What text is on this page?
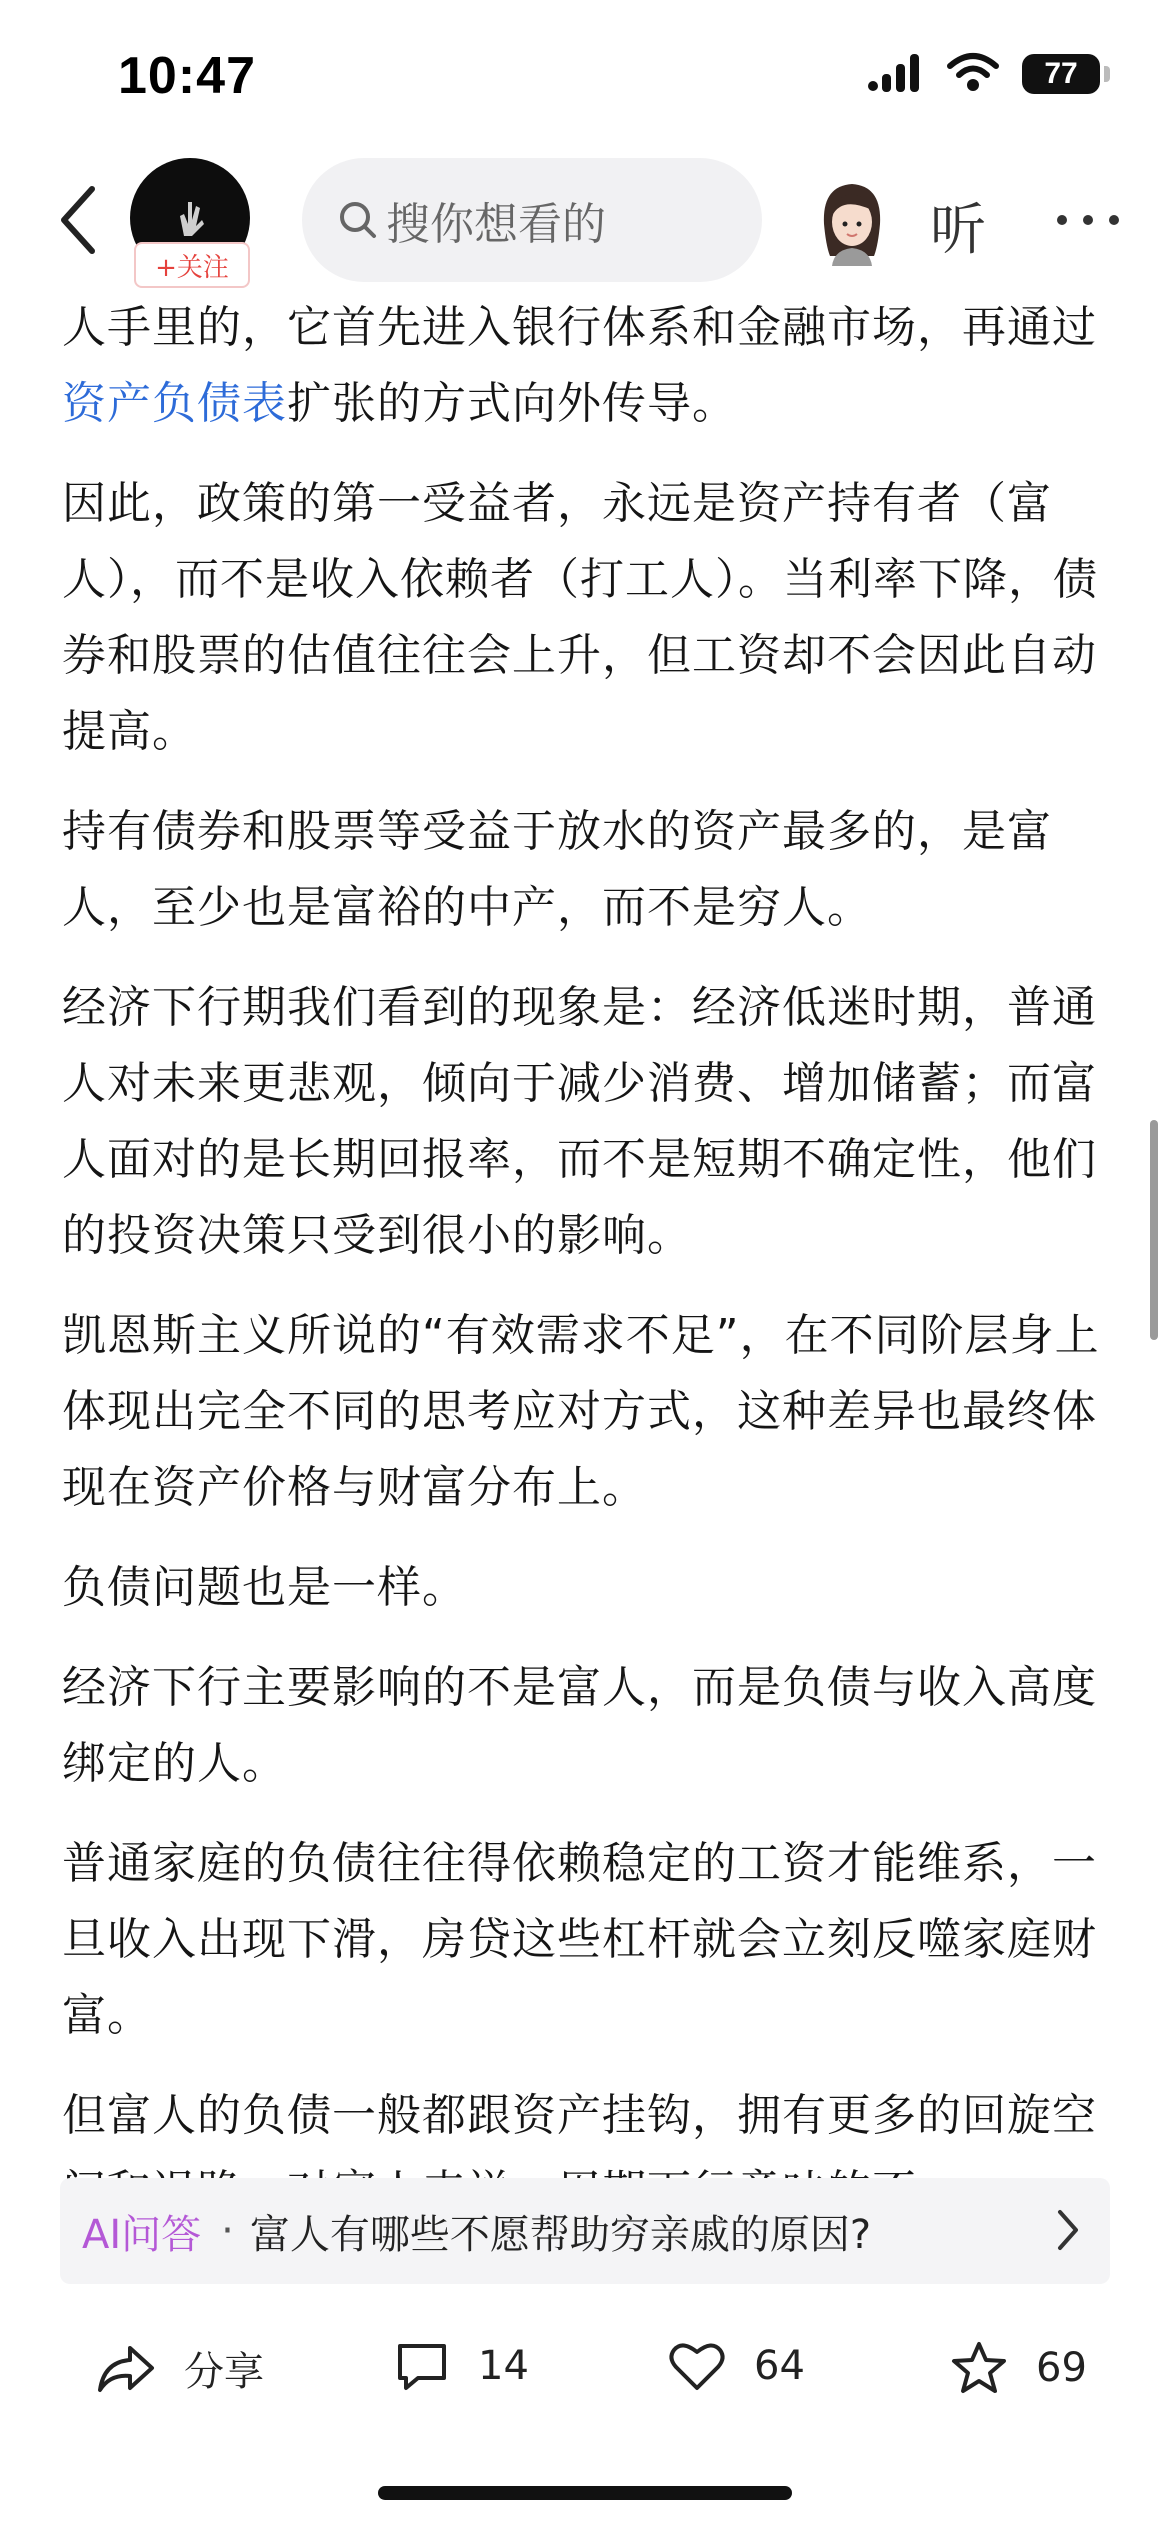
10:47	77
+关注
搜你想看的	听

人手里的，它首先进入银行体系和金融市场，再通过资产负债表扩张的方式向外传导。

因此，政策的第一受益者，永远是资产持有者（富人），而不是收入依赖者（打工人）。当利率下降，债券和股票的估值往往会上升，但工资却不会因此自动提高。

持有债券和股票等受益于放水的资产最多的，是富人，至少也是富裕的中产，而不是穷人。

经济下行期我们看到的现象是：经济低迷时期，普通人对未来更悲观，倾向于减少消费、增加储蓄；而富人面对的是长期回报率，而不是短期不确定性，他们的投资决策只受到很小的影响。

凯恩斯主义所说的“有效需求不足”，在不同阶层身上体现出完全不同的思考应对方式，这种差异也最终体现在资产价格与财富分布上。

负债问题也是一样。

经济下行主要影响的不是富人，而是负债与收入高度绑定的人。

普通家庭的负债往往得依赖稳定的工资才能维系，一旦收入出现下滑，房贷这些杠杆就会立刻反噬家庭财富。

但富人的负债一般都跟资产挂钩，拥有更多的回旋空

AI问答 · 富人有哪些不愿帮助穷亲戚的原因?
分享	14	64	69
